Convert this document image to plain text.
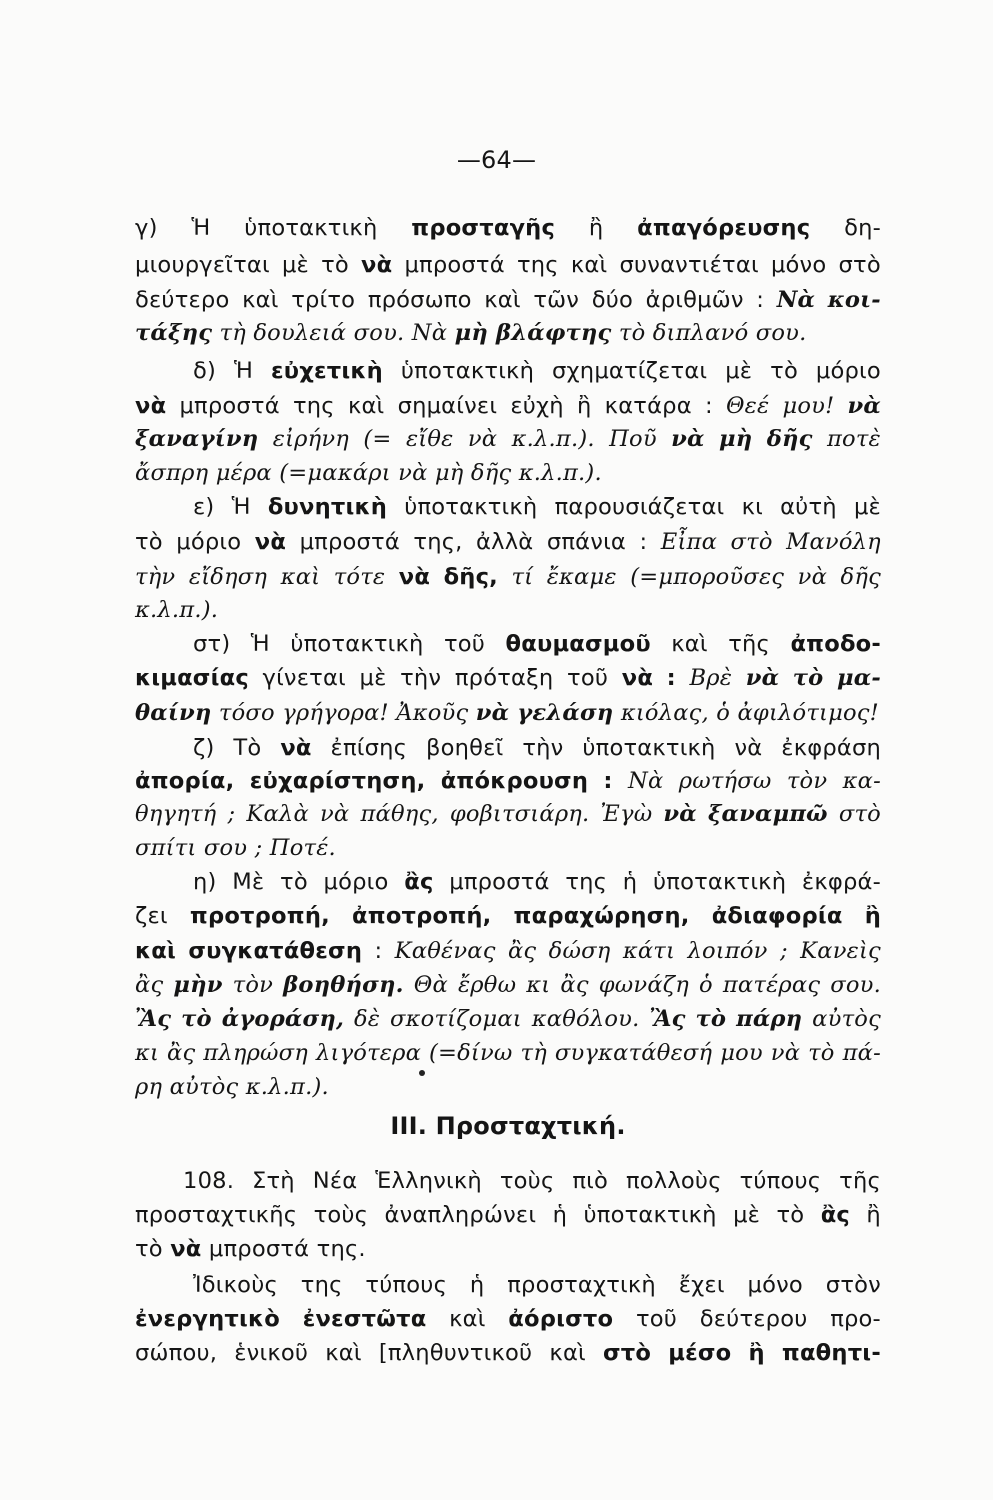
—64—
γ) Ἡ ὑποτακτικὴ προσταγῆς ἢ ἀπαγόρευσης δη-
μιουργεῖται μὲ τὸ νὰ μπροστά της καὶ συναντιέται μόνο στὸ
δεύτερο καὶ τρίτο πρόσωπο καὶ τῶν δύο ἀριθμῶν : Νὰ κοι-
τάξης τὴ δουλειά σου. Νὰ μὴ βλάφτης τὸ διπλανό σου.
δ) Ἡ εὐχετικὴ ὑποτακτικὴ σχηματίζεται μὲ τὸ μόριο
νὰ μπροστά της καὶ σημαίνει εὐχὴ ἢ κατάρα : Θεέ μου! νὰ
ξαναγίνη εἰρήνη (= εἴθε νὰ κ.λ.π.). Ποῦ νὰ μὴ δῆς ποτὲ
ἄσπρη μέρα (=μακάρι νὰ μὴ δῆς κ.λ.π.).
ε) Ἡ δυνητικὴ ὑποτακτικὴ παρουσιάζεται κι αὐτὴ μὲ
τὸ μόριο νὰ μπροστά της, ἀλλὰ σπάνια : Εἶπα στὸ Μανόλη
τὴν εἴδηση καὶ τότε νὰ δῆς, τί ἔκαμε (=μποροῦσες νὰ δῆς
κ.λ.π.).
στ) Ἡ ὑποτακτικὴ τοῦ θαυμασμοῦ καὶ τῆς ἀποδο-
κιμασίας γίνεται μὲ τὴν πρόταξη τοῦ νὰ : Βρὲ νὰ τὸ μα-
θαίνη τόσο γρήγορα! Ἀκοῦς νὰ γελάση κιόλας, ὁ ἀφιλότιμος!
ζ) Τὸ νὰ ἐπίσης βοηθεῖ τὴν ὑποτακτικὴ νὰ ἐκφράση
ἀπορία, εὐχαρίστηση, ἀπόκρουση : Νὰ ρωτήσω τὸν κα-
θηγητή ; Καλὰ νὰ πάθης, φοβιτσιάρη. Ἐγὼ νὰ ξαναμπῶ στὸ
σπίτι σου ; Ποτέ.
η) Μὲ τὸ μόριο ἂς μπροστά της ἡ ὑποτακτικὴ ἐκφρά-
ζει προτροπή, ἀποτροπή, παραχώρηση, ἀδιαφορία ἢ
καὶ συγκατάθεση : Καθένας ἂς δώση κάτι λοιπόν ; Κανεὶς
ἂς μὴν τὸν βοηθήση. Θὰ ἔρθω κι ἂς φωνάζη ὁ πατέρας σου.
Ἂς τὸ ἀγοράση, δὲ σκοτίζομαι καθόλου. Ἂς τὸ πάρη αὐτὸς
κι ἂς πληρώση λιγότερα (=δίνω τὴ συγκατάθεσή μου νὰ τὸ πά-
ρη αὐτὸς κ.λ.π.).
III. Προσταχτική.
108. Στὴ Νέα Ἑλληνικὴ τοὺς πιὸ πολλοὺς τύπους τῆς
προσταχτικῆς τοὺς ἀναπληρώνει ἡ ὑποτακτικὴ μὲ τὸ ἂς ἢ
τὸ νὰ μπροστά της.
Ἰδικοὺς της τύπους ἡ προσταχτικὴ ἔχει μόνο στὸν
ἐνεργητικὸ ἐνεστῶτα καὶ ἀόριστο τοῦ δεύτερου προ-
σώπου, ἑνικοῦ καὶ [πληθυντικοῦ καὶ στὸ μέσο ἢ παθητι-
